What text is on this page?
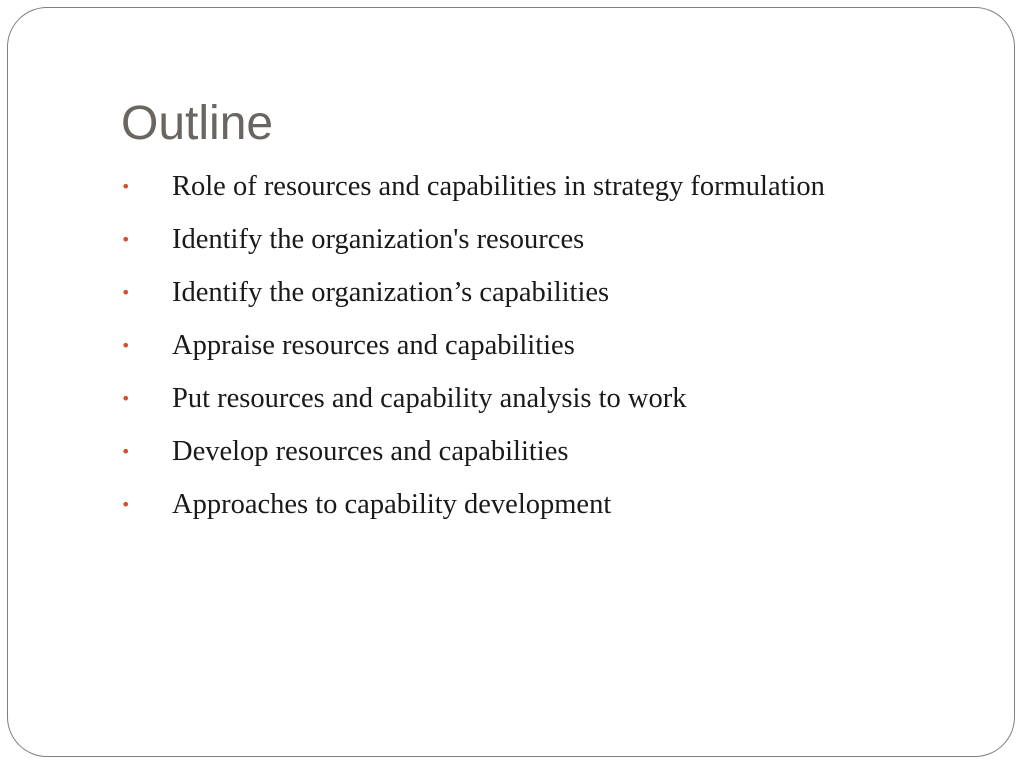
Outline
•	Role of resources and capabilities in strategy formulation
•	Identify the organization's resources
•	Identify the organization’s capabilities
•	Appraise resources and capabilities
•	Put resources and capability analysis to work
•	Develop resources and capabilities
•	Approaches to capability development
